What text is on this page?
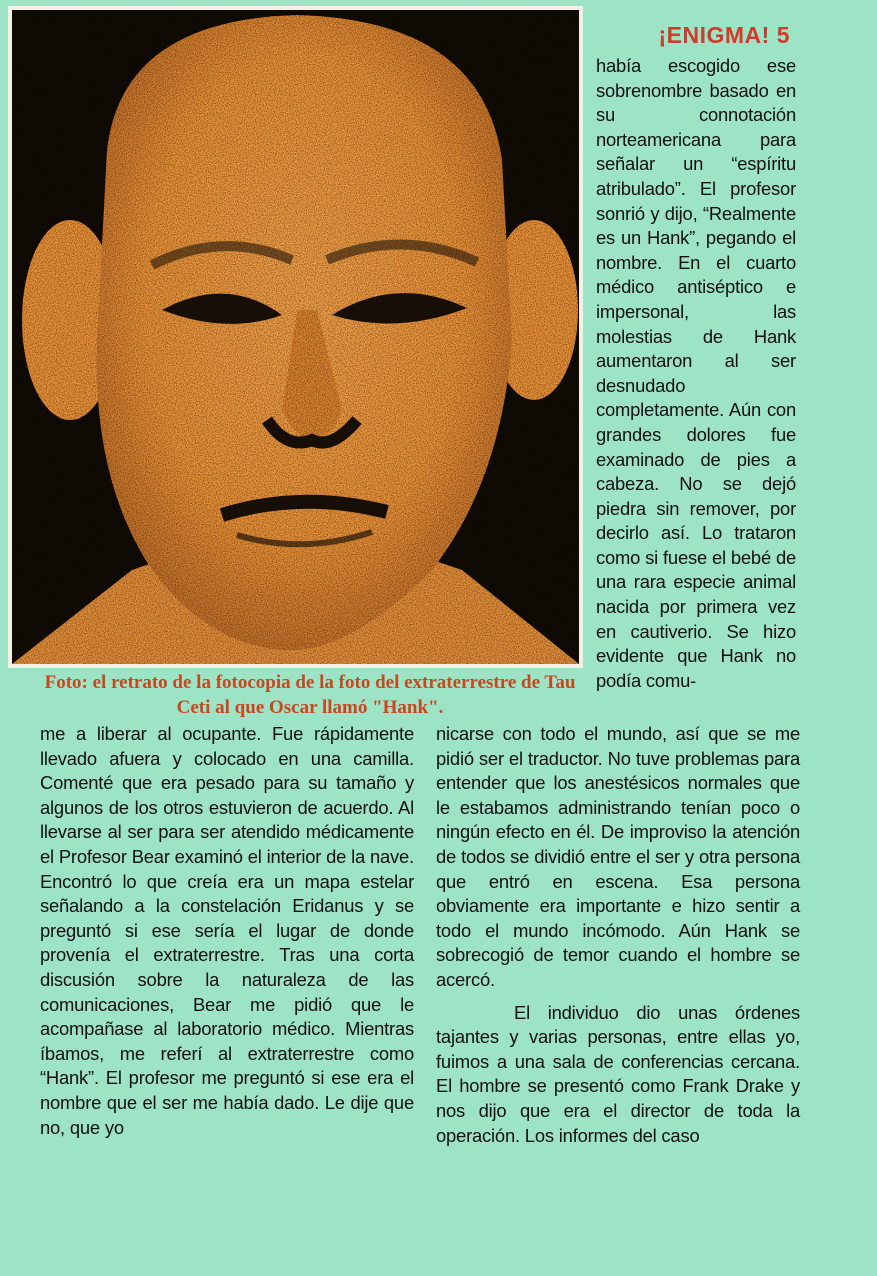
¡ENIGMA! 5
Foto: el retrato de la fotocopia de la foto del extraterrestre de Tau Ceti al que Oscar llamó "Hank".

había escogido ese sobrenombre basado en su connotación norteamericana para señalar un “espíritu atribulado”. El profesor sonrió y dijo, “Realmente es un Hank”, pegando el nombre. En el cuarto médico antiséptico e impersonal, las molestias de Hank aumentaron al ser desnudado completamente. Aún con grandes dolores fue examinado de pies a cabeza. No se dejó piedra sin remover, por decirlo así. Lo trataron como si fuese el bebé de una rara especie animal nacida por primera vez en cautiverio. Se hizo evidente que Hank no podía comu-

me a liberar al ocupante. Fue rápidamente llevado afuera y colocado en una camilla. Comenté que era pesado para su tamaño y algunos de los otros estuvieron de acuerdo. Al llevarse al ser para ser atendido médicamente el Profesor Bear examinó el interior de la nave. Encontró lo que creía era un mapa estelar señalando a la constelación Eridanus y se preguntó si ese sería el lugar de donde provenía el extraterrestre. Tras una corta discusión sobre la naturaleza de las comunicaciones, Bear me pidió que le acompañase al laboratorio médico. Mientras íbamos, me referí al extraterrestre como “Hank”. El profesor me preguntó si ese era el nombre que el ser me había dado. Le dije que no, que yo

nicarse con todo el mundo, así que se me pidió ser el traductor. No tuve problemas para entender que los anestésicos normales que le estabamos administrando tenían poco o ningún efecto en él. De improviso la atención de todos se dividió entre el ser y otra persona que entró en escena. Esa persona obviamente era importante e hizo sentir a todo el mundo incómodo. Aún Hank se sobrecogió de temor cuando el hombre se acercó.

El individuo dio unas órdenes tajantes y varias personas, entre ellas yo, fuimos a una sala de conferencias cercana. El hombre se presentó como Frank Drake y nos dijo que era el director de toda la operación. Los informes del caso
